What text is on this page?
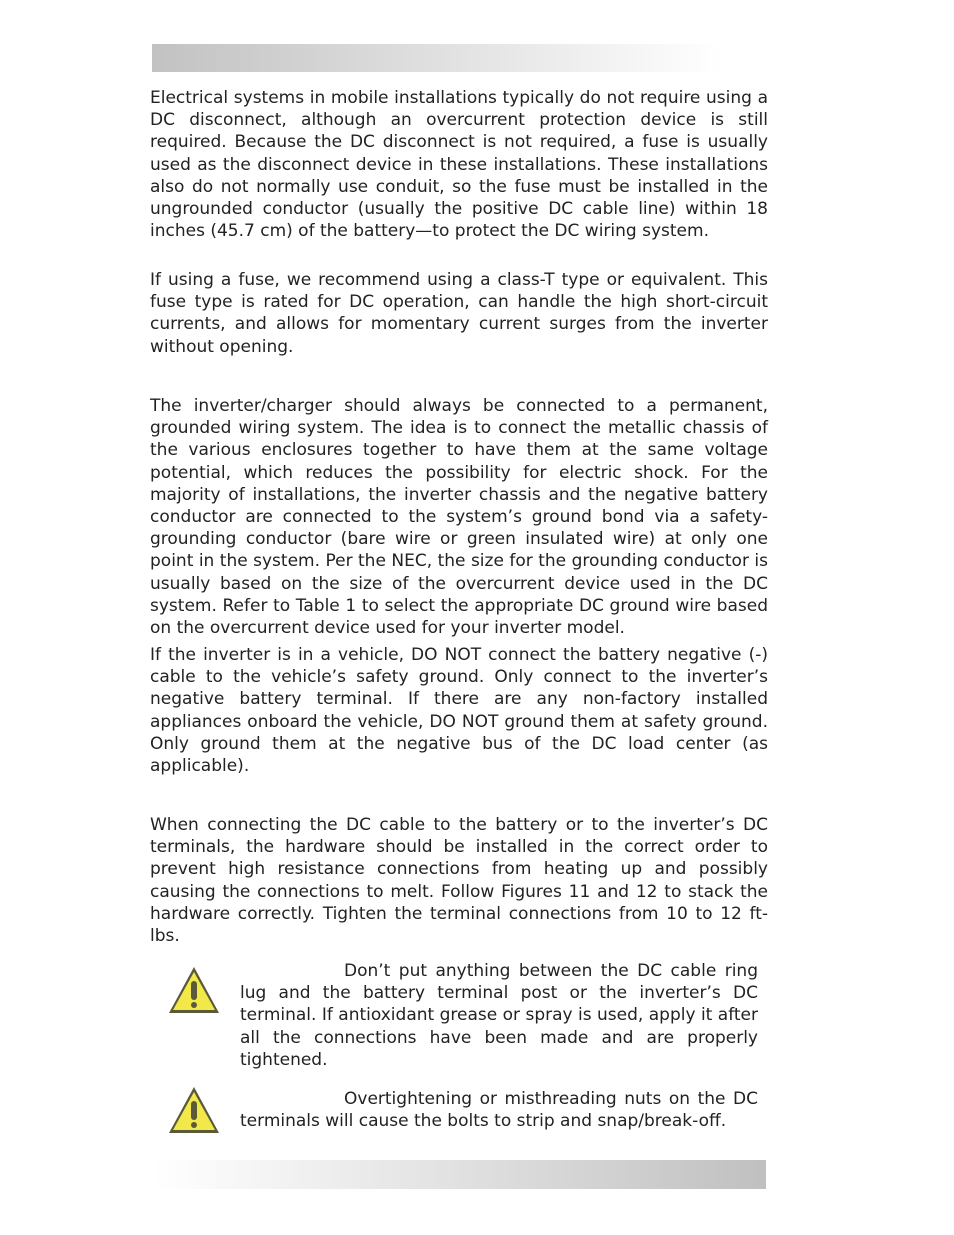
Electrical systems in mobile installations typically do not require using a DC disconnect, although an overcurrent protection device is still required. Because the DC disconnect is not required, a fuse is usually used as the disconnect device in these installations. These installations also do not normally use conduit, so the fuse must be installed in the ungrounded conductor (usually the positive DC cable line) within 18 inches (45.7 cm) of the battery—to protect the DC wiring system.

If using a fuse, we recommend using a class-T type or equivalent. This fuse type is rated for DC operation, can handle the high short-circuit currents, and allows for momentary current surges from the inverter without opening.

The inverter/charger should always be connected to a permanent, grounded wiring system. The idea is to connect the metallic chassis of the various enclosures together to have them at the same voltage potential, which reduces the possibility for electric shock. For the majority of installations, the inverter chassis and the negative battery conductor are connected to the system’s ground bond via a safety-grounding conductor (bare wire or green insulated wire) at only one point in the system. Per the NEC, the size for the grounding conductor is usually based on the size of the overcurrent device used in the DC system. Refer to Table 1 to select the appropriate DC ground wire based on the overcurrent device used for your inverter model.

If the inverter is in a vehicle, DO NOT connect the battery negative (-) cable to the vehicle’s safety ground. Only connect to the inverter’s negative battery terminal. If there are any non-factory installed appliances onboard the vehicle, DO NOT ground them at safety ground. Only ground them at the negative bus of the DC load center (as applicable).

When connecting the DC cable to the battery or to the inverter’s DC terminals, the hardware should be installed in the correct order to prevent high resistance connections from heating up and possibly causing the connections to melt. Follow Figures 11 and 12 to stack the hardware correctly. Tighten the terminal connections from 10 to 12 ft-lbs.

Don’t put anything between the DC cable ring lug and the battery terminal post or the inverter’s DC terminal. If antioxidant grease or spray is used, apply it after all the connections have been made and are properly tightened.

Overtightening or misthreading nuts on the DC terminals will cause the bolts to strip and snap/break-off.
